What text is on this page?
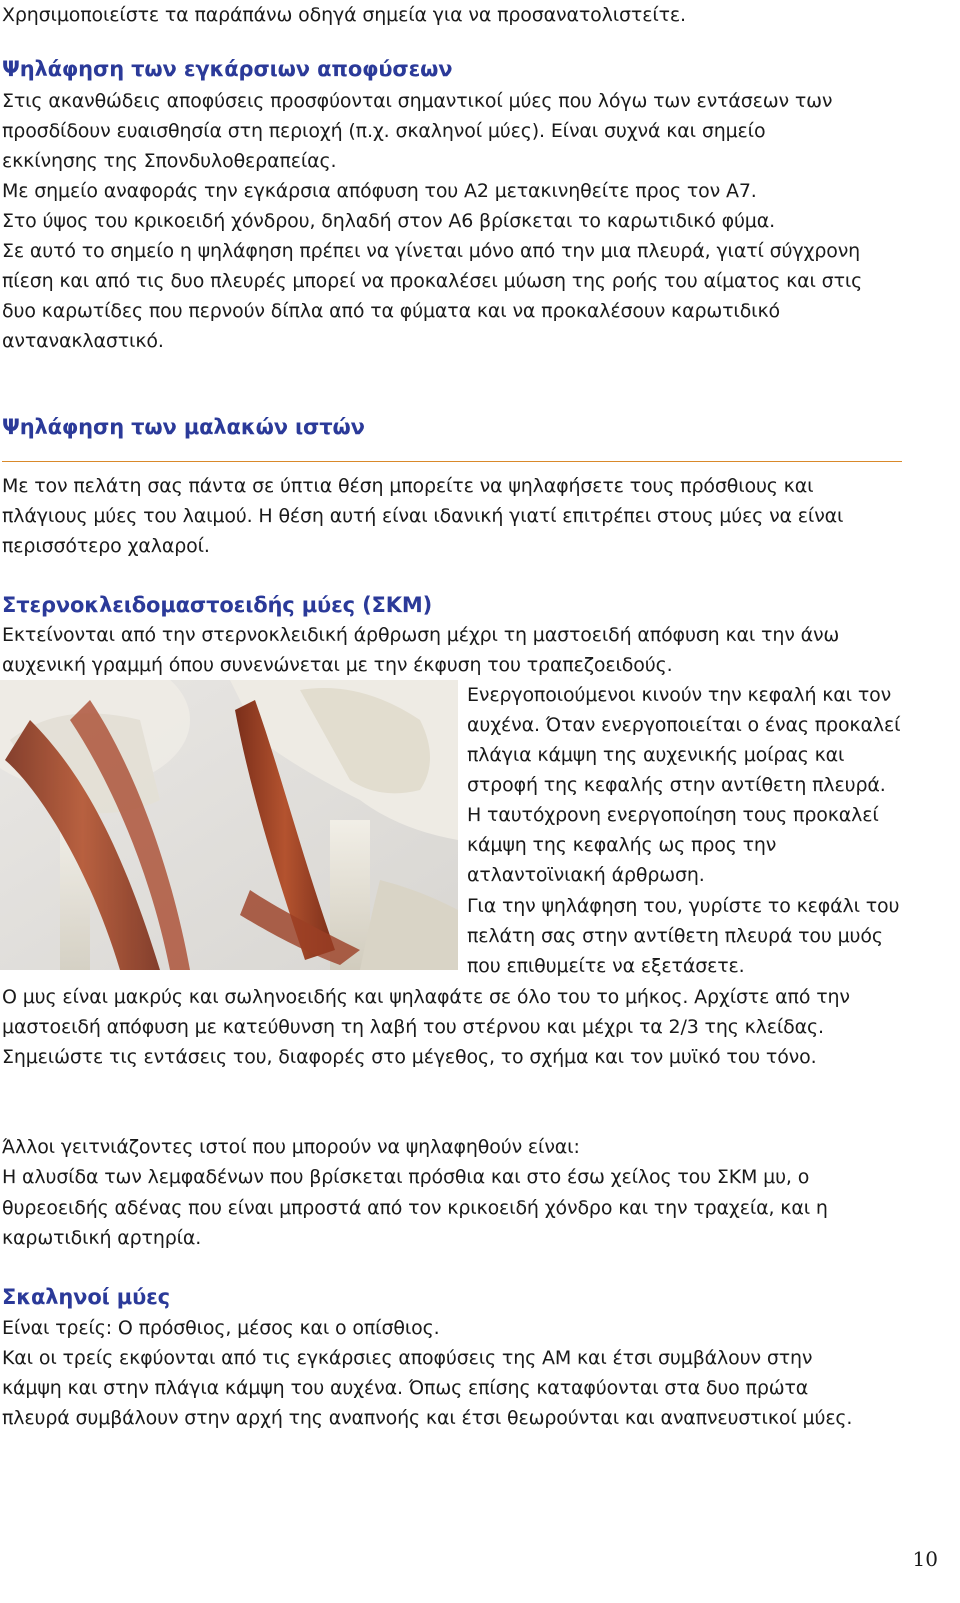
Χρησιμοποιείστε τα παράπάνω οδηγά σημεία για να προσανατολιστείτε.
Ψηλάφηση των εγκάρσιων αποφύσεων
Στις ακανθώδεις αποφύσεις προσφύονται σημαντικοί μύες που λόγω των εντάσεων των
προσδίδουν ευαισθησία στη περιοχή (π.χ. σκαληνοί μύες). Είναι συχνά και σημείο
εκκίνησης της Σπονδυλοθεραπείας.
Με σημείο αναφοράς την εγκάρσια απόφυση του Α2 μετακινηθείτε προς τον Α7.
Στο ύψος του κρικοειδή χόνδρου, δηλαδή στον Α6 βρίσκεται το καρωτιδικό φύμα.
Σε αυτό το σημείο η ψηλάφηση πρέπει να γίνεται μόνο από την μια πλευρά, γιατί σύγχρονη
πίεση και από τις δυο πλευρές μπορεί να προκαλέσει μύωση της ροής του αίματος και στις
δυο καρωτίδες που περνούν δίπλα από τα φύματα και να προκαλέσουν καρωτιδικό
αντανακλαστικό.
Ψηλάφηση των μαλακών ιστών
Με τον πελάτη σας πάντα σε ύπτια θέση μπορείτε να ψηλαφήσετε τους πρόσθιους και
πλάγιους μύες του λαιμού. Η θέση αυτή είναι ιδανική γιατί επιτρέπει στους μύες να είναι
περισσότερο χαλαροί.
Στερνοκλειδομαστοειδής μύες (ΣΚΜ)
Εκτείνονται από την στερνοκλειδική άρθρωση μέχρι τη μαστοειδή απόφυση και την άνω
αυχενική γραμμή όπου συνενώνεται με την έκφυση του τραπεζοειδούς.
Ενεργοποιούμενοι κινούν την κεφαλή και τον
αυχένα. Όταν ενεργοποιείται ο ένας προκαλεί
πλάγια κάμψη της αυχενικής μοίρας και
στροφή της κεφαλής στην αντίθετη πλευρά.
Η ταυτόχρονη ενεργοποίηση τους προκαλεί
κάμψη της κεφαλής ως προς την
ατλαντοϊνιακή άρθρωση.
Για την ψηλάφηση του, γυρίστε το κεφάλι του
πελάτη σας στην αντίθετη πλευρά του μυός
που επιθυμείτε να εξετάσετε.
Ο μυς είναι μακρύς και σωληνοειδής και ψηλαφάτε σε όλο του το μήκος. Αρχίστε από την
μαστοειδή απόφυση με κατεύθυνση τη λαβή του στέρνου και μέχρι τα 2/3 της κλείδας.
Σημειώστε τις εντάσεις του, διαφορές στο μέγεθος, το σχήμα και τον μυϊκό του τόνο.
Άλλοι γειτνιάζοντες ιστοί που μπορούν να ψηλαφηθούν είναι:
Η αλυσίδα των λεμφαδένων που βρίσκεται πρόσθια και στο έσω χείλος του ΣΚΜ μυ, ο
θυρεοειδής αδένας που είναι μπροστά από τον κρικοειδή χόνδρο και την τραχεία, και η
καρωτιδική αρτηρία.
Σκαληνοί μύες
Είναι τρείς: Ο πρόσθιος, μέσος και ο οπίσθιος.
Και οι τρείς εκφύονται από τις εγκάρσιες αποφύσεις της ΑΜ και έτσι συμβάλουν στην
κάμψη και στην πλάγια κάμψη του αυχένα. Όπως επίσης καταφύονται στα δυο πρώτα
πλευρά συμβάλουν στην αρχή της αναπνοής και έτσι θεωρούνται και αναπνευστικοί μύες.
10
